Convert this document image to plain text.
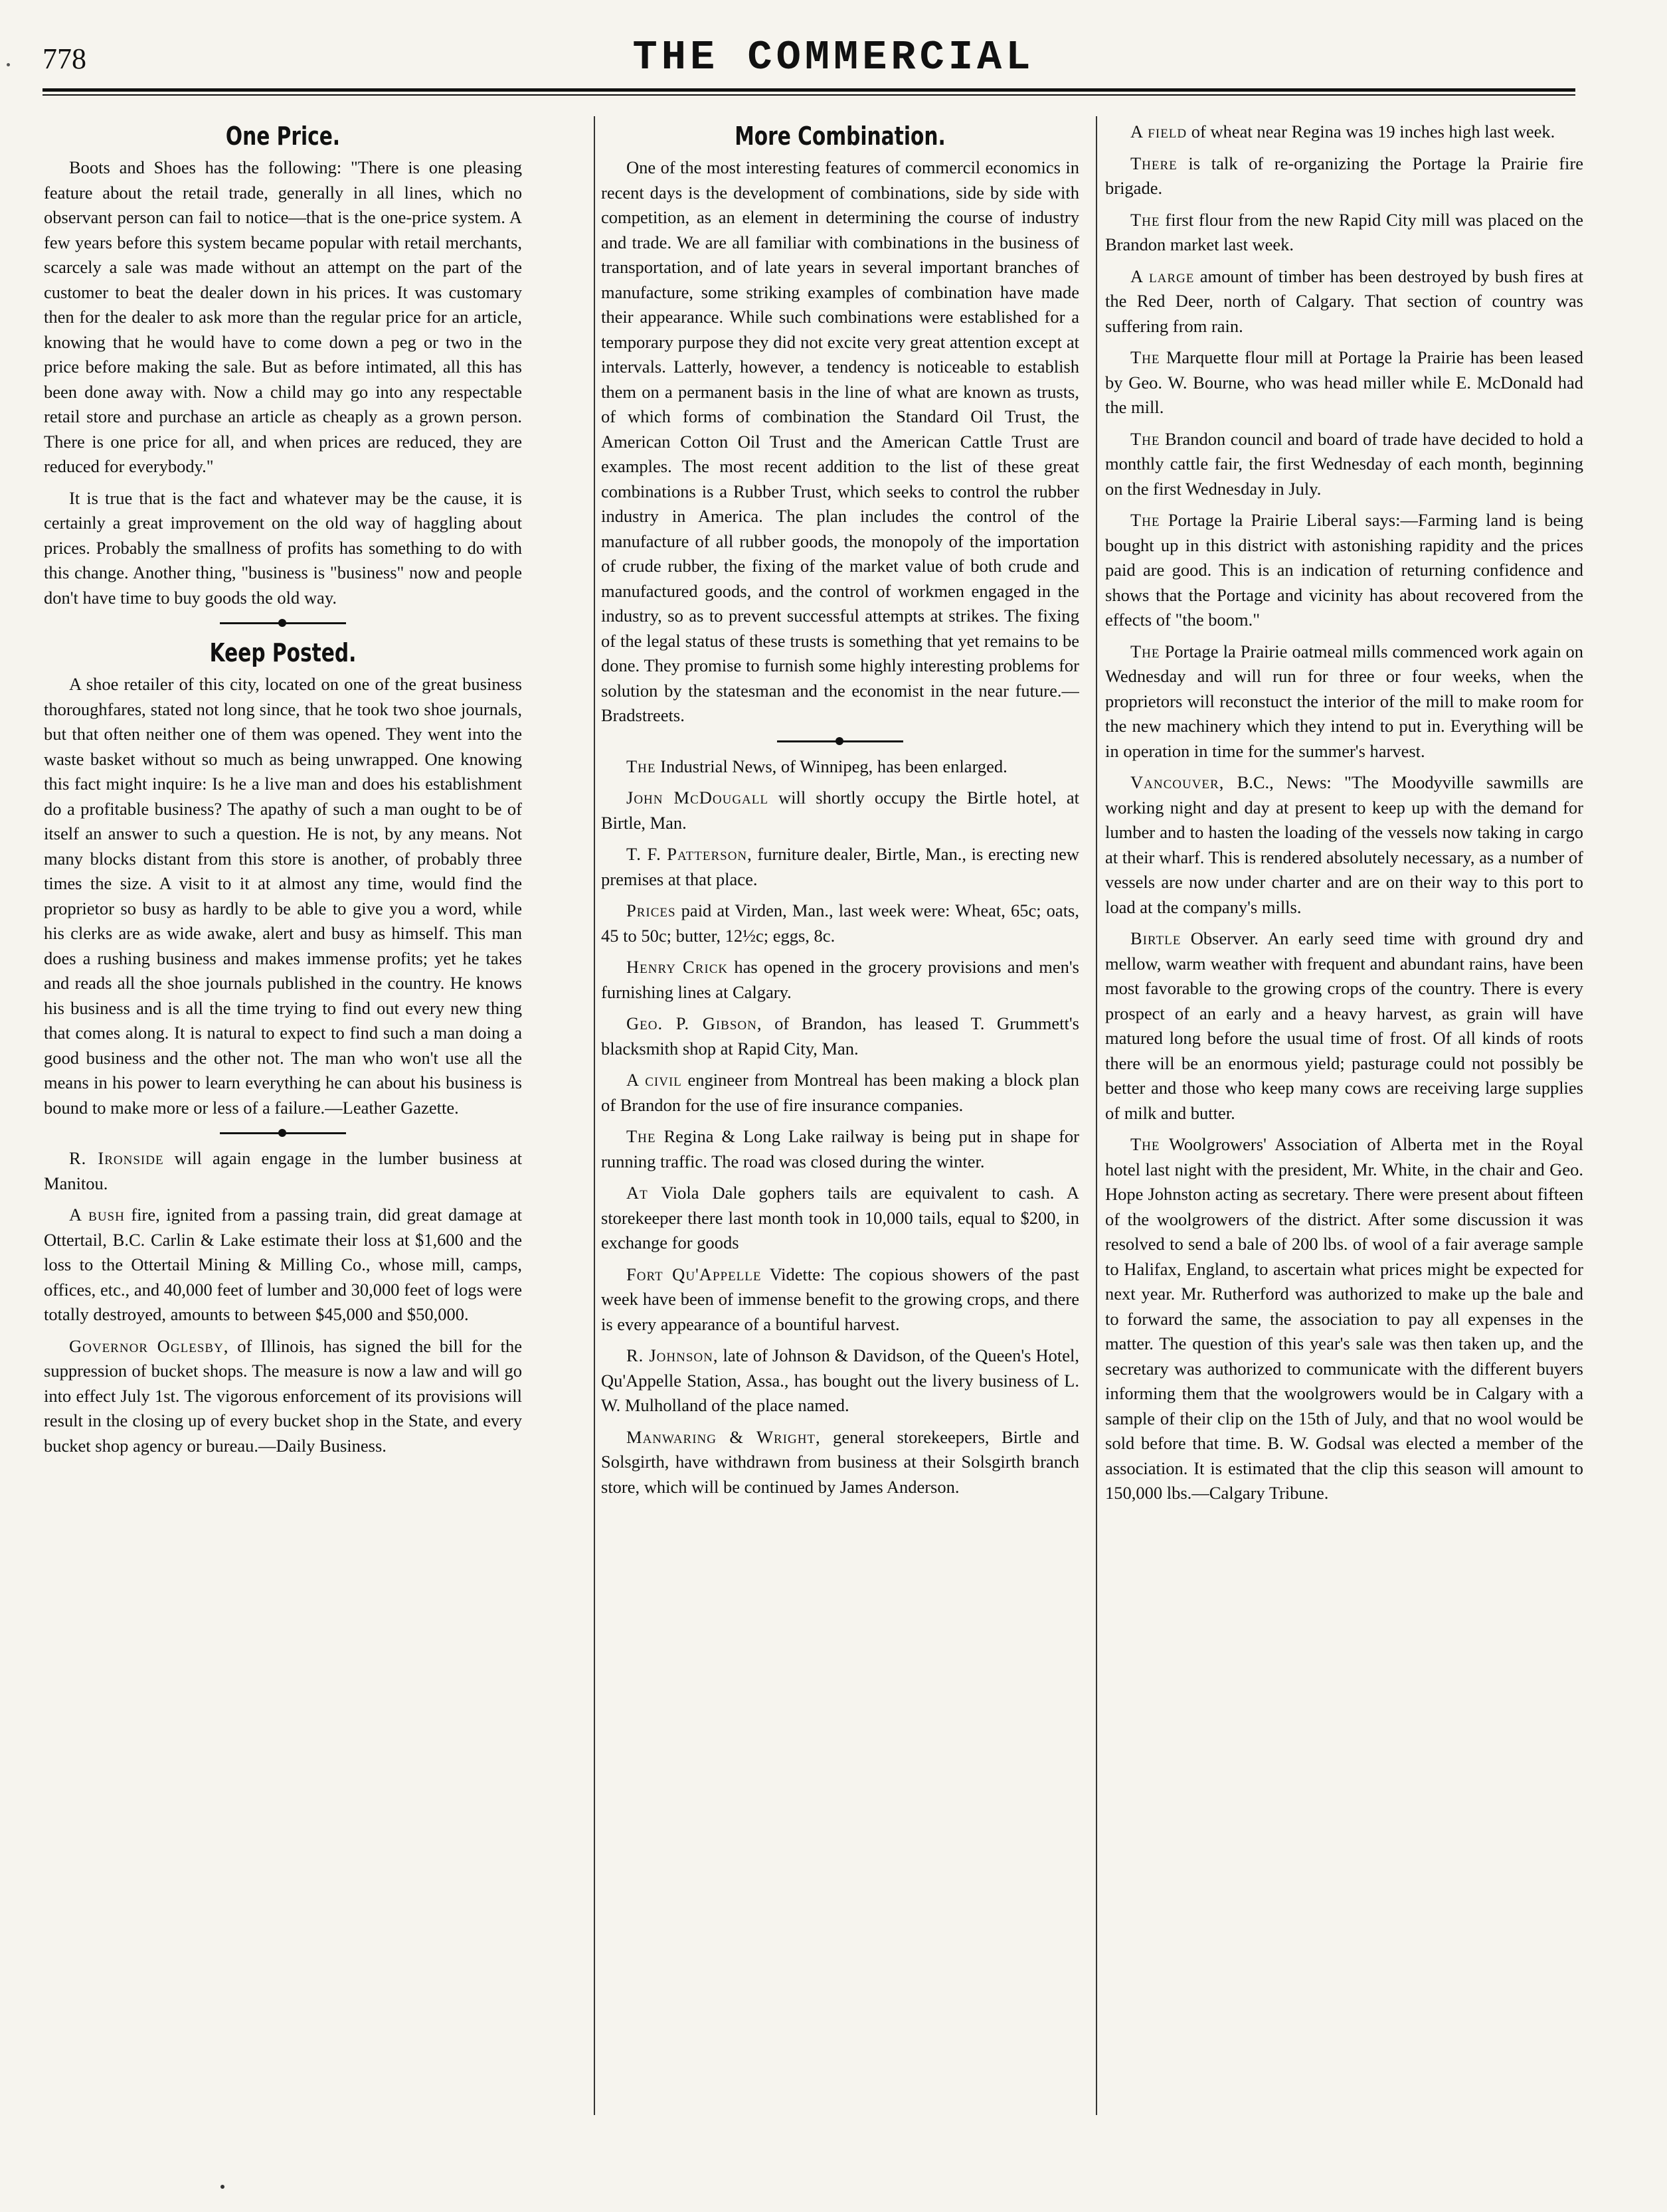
778	THE COMMERCIAL
One Price.

Boots and Shoes has the following: "There is one pleasing feature about the retail trade, generally in all lines, which no observant person can fail to notice—that is the one-price system. A few years before this system became popular with retail merchants, scarcely a sale was made without an attempt on the part of the customer to beat the dealer down in his prices. It was customary then for the dealer to ask more than the regular price for an article, knowing that he would have to come down a peg or two in the price before making the sale. But as before intimated, all this has been done away with. Now a child may go into any respectable retail store and purchase an article as cheaply as a grown person. There is one price for all, and when prices are reduced, they are reduced for everybody."

It is true that is the fact and whatever may be the cause, it is certainly a great improvement on the old way of haggling about prices. Probably the smallness of profits has something to do with this change. Another thing, "business is "business" now and people don't have time to buy goods the old way.

Keep Posted.

A shoe retailer of this city, located on one of the great business thoroughfares, stated not long since, that he took two shoe journals, but that often neither one of them was opened. They went into the waste basket without so much as being unwrapped. One knowing this fact might inquire: Is he a live man and does his establishment do a profitable business? The apathy of such a man ought to be of itself an answer to such a question. He is not, by any means. Not many blocks distant from this store is another, of probably three times the size. A visit to it at almost any time, would find the proprietor so busy as hardly to be able to give you a word, while his clerks are as wide awake, alert and busy as himself. This man does a rushing business and makes immense profits; yet he takes and reads all the shoe journals published in the country. He knows his business and is all the time trying to find out every new thing that comes along. It is natural to expect to find such a man doing a good business and the other not. The man who won't use all the means in his power to learn everything he can about his business is bound to make more or less of a failure.—Leather Gazette.

R. Ironside will again engage in the lumber business at Manitou.

A bush fire, ignited from a passing train, did great damage at Ottertail, B.C. Carlin & Lake estimate their loss at $1,600 and the loss to the Ottertail Mining & Milling Co., whose mill, camps, offices, etc., and 40,000 feet of lumber and 30,000 feet of logs were totally destroyed, amounts to between $45,000 and $50,000.

Governor Oglesby, of Illinois, has signed the bill for the suppression of bucket shops. The measure is now a law and will go into effect July 1st. The vigorous enforcement of its provisions will result in the closing up of every bucket shop in the State, and every bucket shop agency or bureau.—Daily Business.

More Combination.

One of the most interesting features of commercil economics in recent days is the development of combinations, side by side with competition, as an element in determining the course of industry and trade. We are all familiar with combinations in the business of transportation, and of late years in several important branches of manufacture, some striking examples of combination have made their appearance. While such combinations were established for a temporary purpose they did not excite very great attention except at intervals. Latterly, however, a tendency is noticeable to establish them on a permanent basis in the line of what are known as trusts, of which forms of combination the Standard Oil Trust, the American Cotton Oil Trust and the American Cattle Trust are examples. The most recent addition to the list of these great combinations is a Rubber Trust, which seeks to control the rubber industry in America. The plan includes the control of the manufacture of all rubber goods, the monopoly of the importation of crude rubber, the fixing of the market value of both crude and manufactured goods, and the control of workmen engaged in the industry, so as to prevent successful attempts at strikes. The fixing of the legal status of these trusts is something that yet remains to be done. They promise to furnish some highly interesting problems for solution by the statesman and the economist in the near future.—Bradstreets.

The Industrial News, of Winnipeg, has been enlarged.

John McDougall will shortly occupy the Birtle hotel, at Birtle, Man.

T. F. Patterson, furniture dealer, Birtle, Man., is erecting new premises at that place.

Prices paid at Virden, Man., last week were: Wheat, 65c; oats, 45 to 50c; butter, 12½c; eggs, 8c.

Henry Crick has opened in the grocery provisions and men's furnishing lines at Calgary.

Geo. P. Gibson, of Brandon, has leased T. Grummett's blacksmith shop at Rapid City, Man.

A civil engineer from Montreal has been making a block plan of Brandon for the use of fire insurance companies.

The Regina & Long Lake railway is being put in shape for running traffic. The road was closed during the winter.

At Viola Dale gophers tails are equivalent to cash. A storekeeper there last month took in 10,000 tails, equal to $200, in exchange for goods

Fort Qu'Appelle Vidette: The copious showers of the past week have been of immense benefit to the growing crops, and there is every appearance of a bountiful harvest.

R. Johnson, late of Johnson & Davidson, of the Queen's Hotel, Qu'Appelle Station, Assa., has bought out the livery business of L. W. Mulholland of the place named.

Manwaring & Wright, general storekeepers, Birtle and Solsgirth, have withdrawn from business at their Solsgirth branch store, which will be continued by James Anderson.

A field of wheat near Regina was 19 inches high last week.

There is talk of re-organizing the Portage la Prairie fire brigade.

The first flour from the new Rapid City mill was placed on the Brandon market last week.

A large amount of timber has been destroyed by bush fires at the Red Deer, north of Calgary. That section of country was suffering from rain.

The Marquette flour mill at Portage la Prairie has been leased by Geo. W. Bourne, who was head miller while E. McDonald had the mill.

The Brandon council and board of trade have decided to hold a monthly cattle fair, the first Wednesday of each month, beginning on the first Wednesday in July.

The Portage la Prairie Liberal says:—Farming land is being bought up in this district with astonishing rapidity and the prices paid are good. This is an indication of returning confidence and shows that the Portage and vicinity has about recovered from the effects of "the boom."

The Portage la Prairie oatmeal mills commenced work again on Wednesday and will run for three or four weeks, when the proprietors will reconstuct the interior of the mill to make room for the new machinery which they intend to put in. Everything will be in operation in time for the summer's harvest.

Vancouver, B.C., News: "The Moodyville sawmills are working night and day at present to keep up with the demand for lumber and to hasten the loading of the vessels now taking in cargo at their wharf. This is rendered absolutely necessary, as a number of vessels are now under charter and are on their way to this port to load at the company's mills.

Birtle Observer. An early seed time with ground dry and mellow, warm weather with frequent and abundant rains, have been most favorable to the growing crops of the country. There is every prospect of an early and a heavy harvest, as grain will have matured long before the usual time of frost. Of all kinds of roots there will be an enormous yield; pasturage could not possibly be better and those who keep many cows are receiving large supplies of milk and butter.

The Woolgrowers' Association of Alberta met in the Royal hotel last night with the president, Mr. White, in the chair and Geo. Hope Johnston acting as secretary. There were present about fifteen of the woolgrowers of the district. After some discussion it was resolved to send a bale of 200 lbs. of wool of a fair average sample to Halifax, England, to ascertain what prices might be expected for next year. Mr. Rutherford was authorized to make up the bale and to forward the same, the association to pay all expenses in the matter. The question of this year's sale was then taken up, and the secretary was authorized to communicate with the different buyers informing them that the woolgrowers would be in Calgary with a sample of their clip on the 15th of July, and that no wool would be sold before that time. B. W. Godsal was elected a member of the association. It is estimated that the clip this season will amount to 150,000 lbs.—Calgary Tribune.
